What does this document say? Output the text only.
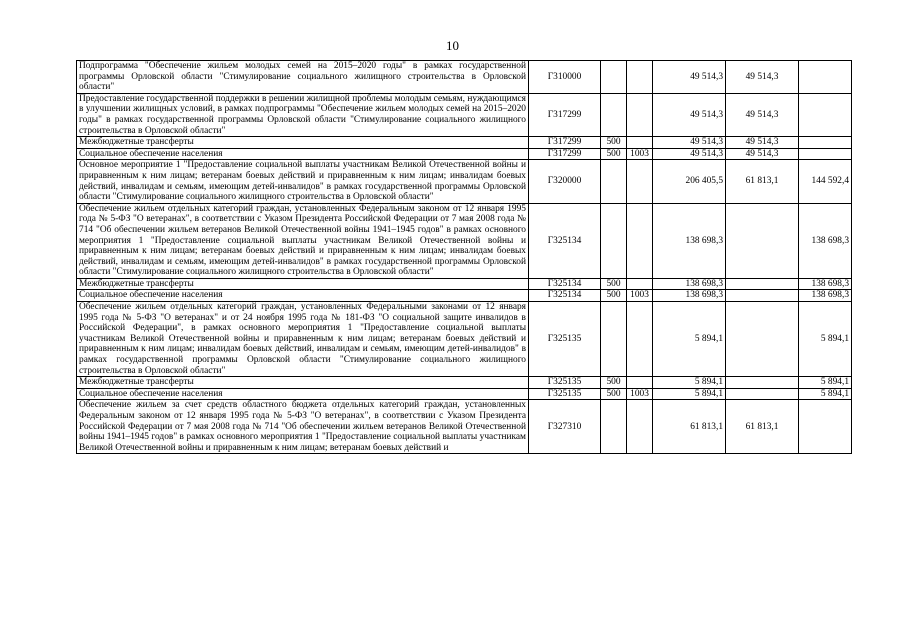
10
Подпрограмма "Обеспечение жильем молодых семей на 2015–2020 годы" в рамках государственной программы Орловской области "Стимулирование социального жилищного строительства в Орловской области"	Г310000			49 514,3	49 514,3	
Предоставление государственной поддержки в решении жилищной проблемы молодым семьям, нуждающимся в улучшении жилищных условий, в рамках подпрограммы "Обеспечение жильем молодых семей на 2015–2020 годы" в рамках государственной программы Орловской области "Стимулирование социального жилищного строительства в Орловской области"	Г317299			49 514,3	49 514,3	
Межбюджетные трансферты	Г317299	500		49 514,3	49 514,3	
Социальное обеспечение населения	Г317299	500	1003	49 514,3	49 514,3	
Основное мероприятие 1 "Предоставление социальной выплаты участникам Великой Отечественной войны и приравненным к ним лицам; ветеранам боевых действий и приравненным к ним лицам; инвалидам боевых действий, инвалидам и семьям, имеющим детей-инвалидов" в рамках государственной программы Орловской области "Стимулирование социального жилищного строительства в Орловской области"	Г320000			206 405,5	61 813,1	144 592,4
Обеспечение жильем отдельных категорий граждан, установленных Федеральным законом от 12 января 1995 года № 5-ФЗ "О ветеранах", в соответствии с Указом Президента Российской Федерации от 7 мая 2008 года № 714 "Об обеспечении жильем ветеранов Великой Отечественной войны 1941–1945 годов" в рамках основного мероприятия 1 "Предоставление социальной выплаты участникам Великой Отечественной войны и приравненным к ним лицам; ветеранам боевых действий и приравненным к ним лицам; инвалидам боевых действий, инвалидам и семьям, имеющим детей-инвалидов" в рамках государственной программы Орловской области "Стимулирование социального жилищного строительства в Орловской области"	Г325134			138 698,3		138 698,3
Межбюджетные трансферты	Г325134	500		138 698,3		138 698,3
Социальное обеспечение населения	Г325134	500	1003	138 698,3		138 698,3
Обеспечение жильем отдельных категорий граждан, установленных Федеральными законами от 12 января 1995 года № 5-ФЗ "О ветеранах" и от 24 ноября 1995 года № 181-ФЗ "О социальной защите инвалидов в Российской Федерации", в рамках основного мероприятия 1 "Предоставление социальной выплаты участникам Великой Отечественной войны и приравненным к ним лицам; ветеранам боевых действий и приравненным к ним лицам; инвалидам боевых действий, инвалидам и семьям, имеющим детей-инвалидов" в рамках государственной программы Орловской области "Стимулирование социального жилищного строительства в Орловской области"	Г325135			5 894,1		5 894,1
Межбюджетные трансферты	Г325135	500		5 894,1		5 894,1
Социальное обеспечение населения	Г325135	500	1003	5 894,1		5 894,1
Обеспечение жильем за счет средств областного бюджета отдельных категорий граждан, установленных Федеральным законом от 12 января 1995 года № 5-ФЗ "О ветеранах", в соответствии с Указом Президента Российской Федерации от 7 мая 2008 года № 714 "Об обеспечении жильем ветеранов Великой Отечественной войны 1941–1945 годов" в рамках основного мероприятия 1 "Предоставление социальной выплаты участникам Великой Отечественной войны и приравненным к ним лицам; ветеранам боевых действий и	Г327310			61 813,1	61 813,1	
